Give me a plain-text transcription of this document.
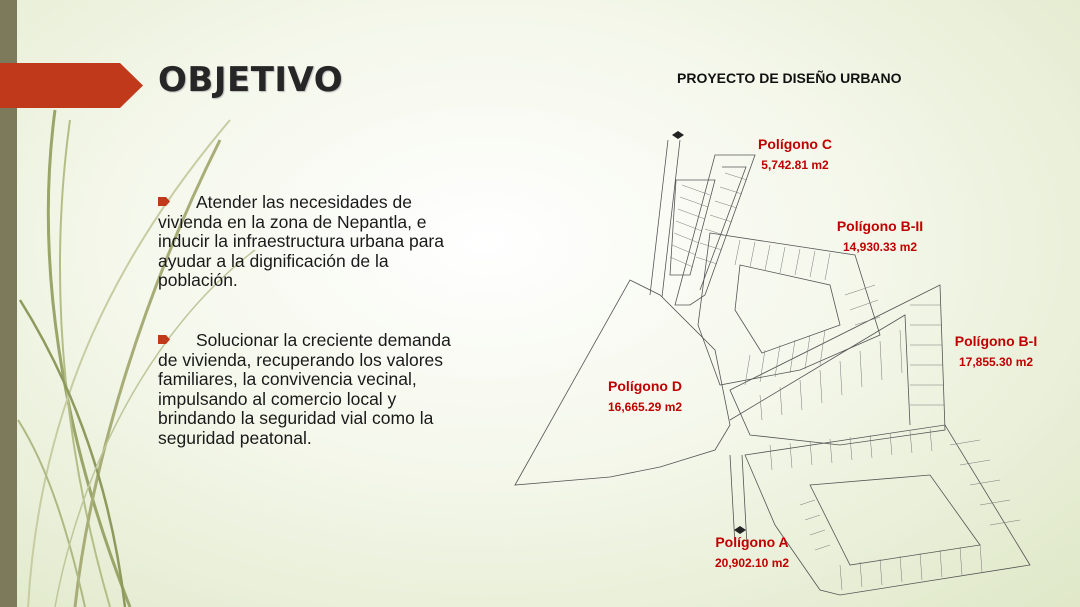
OBJETIVO	PROYECTO DE DISEÑO URBANO
Atender las necesidades de vivienda en la zona de Nepantla, e inducir la infraestructura urbana para ayudar a la dignificación de la población.
Solucionar la creciente demanda de vivienda, recuperando los valores familiares, la convivencia vecinal, impulsando al comercio local y brindando la seguridad vial como la seguridad peatonal.
Polígono C
5,742.81 m2
Polígono B-II
14,930.33 m2
Polígono B-I
17,855.30 m2
Polígono D
16,665.29 m2
Polígono A
20,902.10 m2
